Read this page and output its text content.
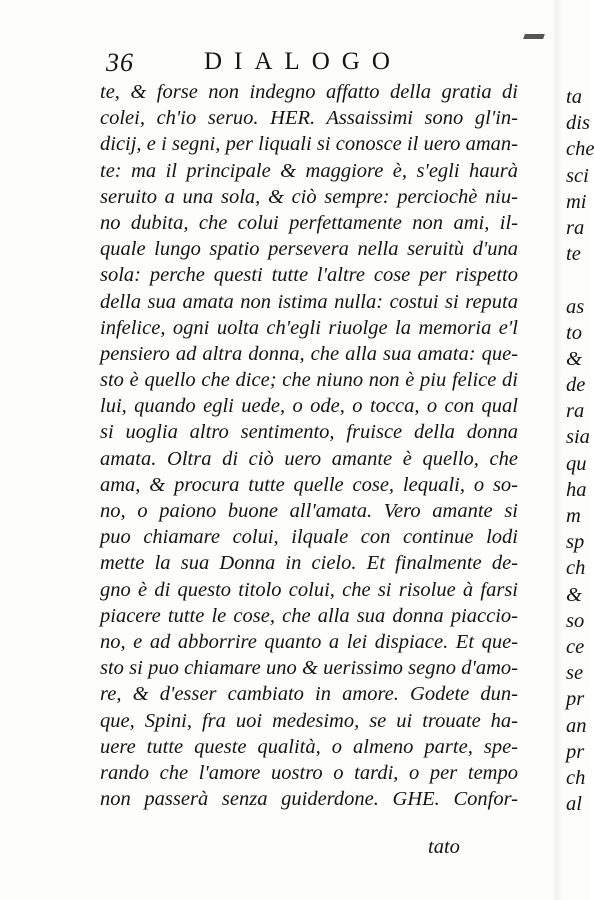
36	DIALOGO
te, & forse non indegno affatto della gratia di
colei, ch'io seruo. HER. Assaissimi sono gl'in-
dicij, e i segni, per liquali si conosce il uero aman-
te: ma il principale & maggiore è, s'egli haurà
seruito a una sola, & ciò sempre: perciochè niu-
no dubita, che colui perfettamente non ami, il-
quale lungo spatio persevera nella seruitù d'una
sola: perche questi tutte l'altre cose per rispetto
della sua amata non istima nulla: costui si reputa
infelice, ogni uolta ch'egli riuolge la memoria e'l
pensiero ad altra donna, che alla sua amata: que-
sto è quello che dice; che niuno non è piu felice di
lui, quando egli uede, o ode, o tocca, o con qual
si uoglia altro sentimento, fruisce della donna
amata. Oltra di ciò uero amante è quello, che
ama, & procura tutte quelle cose, lequali, o so-
no, o paiono buone all'amata. Vero amante si
puo chiamare colui, ilquale con continue lodi
mette la sua Donna in cielo. Et finalmente de-
gno è di questo titolo colui, che si risolue à farsi
piacere tutte le cose, che alla sua donna piaccio-
no, e ad abborrire quanto a lei dispiace. Et que-
sto si puo chiamare uno & uerissimo segno d'amo-
re, & d'esser cambiato in amore. Godete dun-
que, Spini, fra uoi medesimo, se ui trouate ha-
uere tutte queste qualità, o almeno parte, spe-
rando che l'amore uostro o tardi, o per tempo
non passerà senza guiderdone. GHE. Confor-
tato
ta
dis
che
sci
mi
ra
te
as
to
&
de
ra
sia
qu
ha
m
sp
ch
&
so
ce
se
pr
an
pr
ch
al
